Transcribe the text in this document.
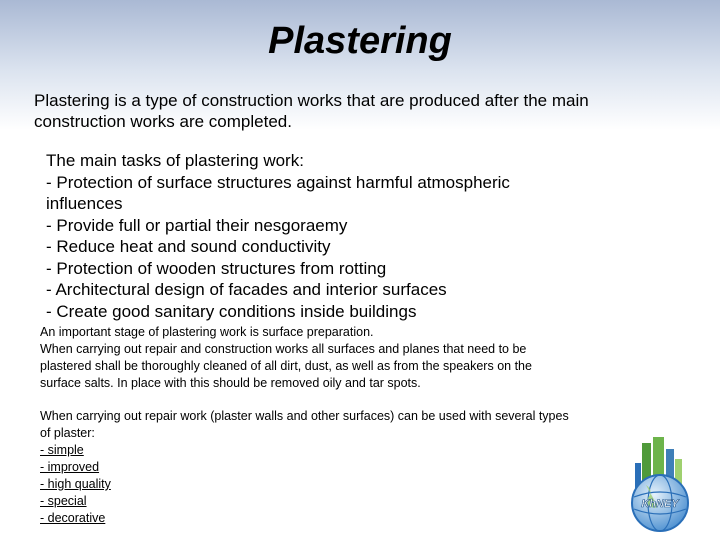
Plastering

Plastering is a type of construction works that are produced after the main
construction works are completed.

The main tasks of plastering work:
- Protection of surface structures against harmful atmospheric
influences
- Provide full or partial their nesgoraemy
- Reduce heat and sound conductivity
- Protection of wooden structures from rotting
- Architectural design of facades and interior surfaces
- Create good sanitary conditions inside buildings
An important stage of plastering work is surface preparation.
When carrying out repair and construction works all surfaces and planes that need to be
plastered shall be thoroughly cleaned of all dirt, dust, as well as from the speakers on the
surface salts. In place with this should be removed oily and tar spots.
When carrying out repair work (plaster walls and other surfaces) can be used with several types
of plaster:
- simple
- improved
- high quality
- special
- decorative
KhNEY
